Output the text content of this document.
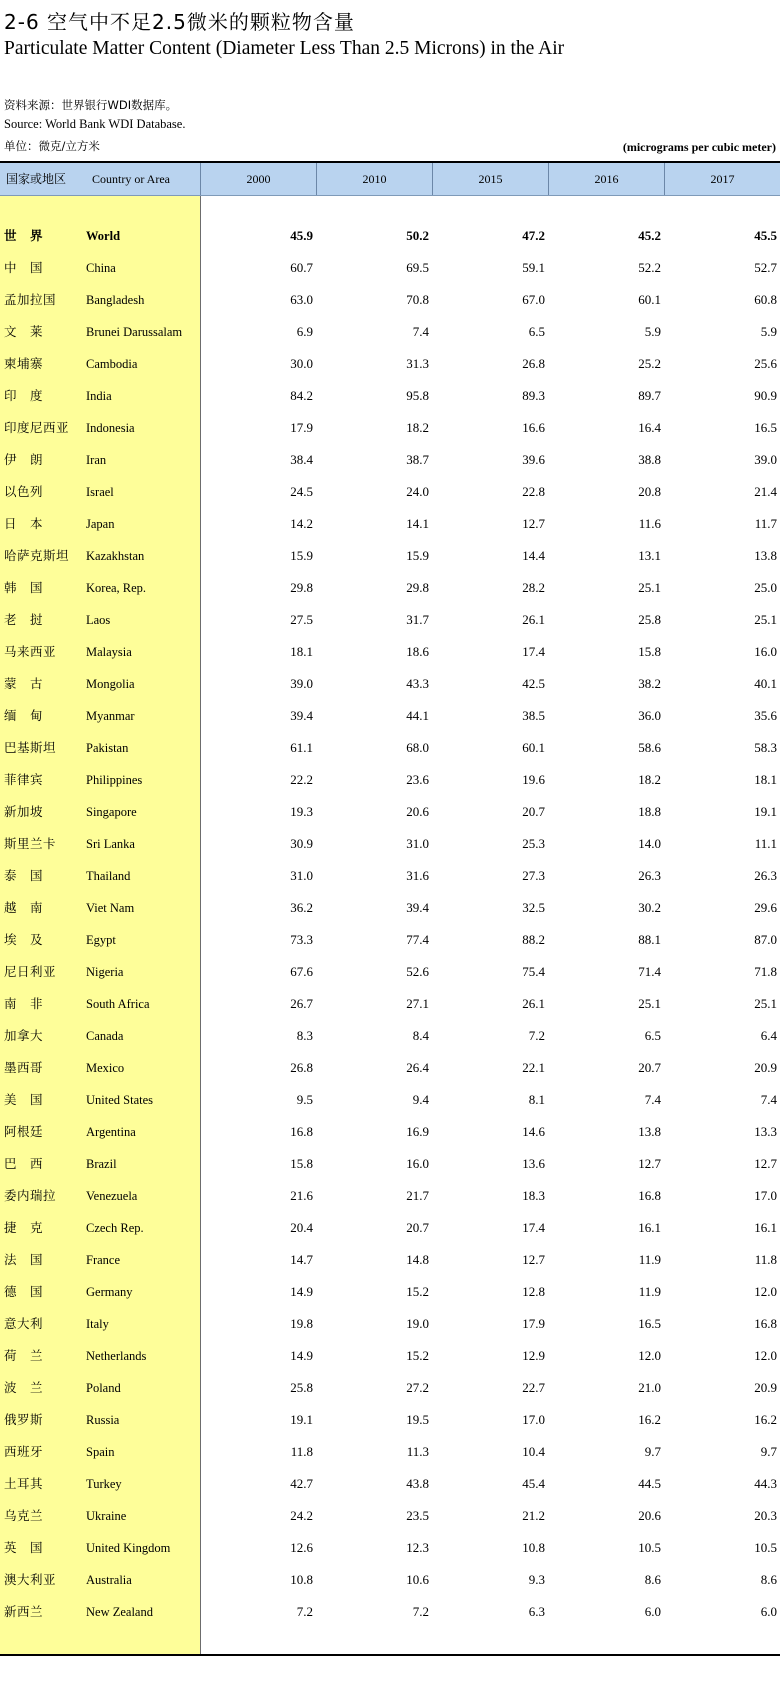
2-6 空气中不足2.5微米的颗粒物含量
Particulate Matter Content (Diameter Less Than 2.5 Microns) in the Air
资料来源：世界银行WDI数据库。
Source: World Bank WDI Database.
单位：微克/立方米	(micrograms per cubic meter)
国家或地区	Country or Area	2000	2010	2015	2016	2017
世　界	World	45.9	50.2	47.2	45.2	45.5
中　国	China	60.7	69.5	59.1	52.2	52.7
孟加拉国 Bangladesh	63.0	70.8	67.0	60.1	60.8
文　莱	Brunei Darussalam	6.9	7.4	6.5	5.9	5.9
柬埔寨	Cambodia	30.0	31.3	26.8	25.2	25.6
印　度	India	84.2	95.8	89.3	89.7	90.9
印度尼西亚 Indonesia	17.9	18.2	16.6	16.4	16.5
伊　朗	Iran	38.4	38.7	39.6	38.8	39.0
以色列	Israel	24.5	24.0	22.8	20.8	21.4
日　本	Japan	14.2	14.1	12.7	11.6	11.7
哈萨克斯坦 Kazakhstan	15.9	15.9	14.4	13.1	13.8
韩　国	Korea, Rep.	29.8	29.8	28.2	25.1	25.0
老　挝	Laos	27.5	31.7	26.1	25.8	25.1
马来西亚 Malaysia	18.1	18.6	17.4	15.8	16.0
蒙　古	Mongolia	39.0	43.3	42.5	38.2	40.1
缅　甸	Myanmar	39.4	44.1	38.5	36.0	35.6
巴基斯坦 Pakistan	61.1	68.0	60.1	58.6	58.3
菲律宾	Philippines	22.2	23.6	19.6	18.2	18.1
新加坡	Singapore	19.3	20.6	20.7	18.8	19.1
斯里兰卡 Sri Lanka	30.9	31.0	25.3	14.0	11.1
泰　国	Thailand	31.0	31.6	27.3	26.3	26.3
越　南	Viet Nam	36.2	39.4	32.5	30.2	29.6
埃　及	Egypt	73.3	77.4	88.2	88.1	87.0
尼日利亚 Nigeria	67.6	52.6	75.4	71.4	71.8
南　非	South Africa	26.7	27.1	26.1	25.1	25.1
加拿大	Canada	8.3	8.4	7.2	6.5	6.4
墨西哥	Mexico	26.8	26.4	22.1	20.7	20.9
美　国	United States	9.5	9.4	8.1	7.4	7.4
阿根廷	Argentina	16.8	16.9	14.6	13.8	13.3
巴　西	Brazil	15.8	16.0	13.6	12.7	12.7
委内瑞拉 Venezuela	21.6	21.7	18.3	16.8	17.0
捷　克	Czech Rep.	20.4	20.7	17.4	16.1	16.1
法　国	France	14.7	14.8	12.7	11.9	11.8
德　国	Germany	14.9	15.2	12.8	11.9	12.0
意大利	Italy	19.8	19.0	17.9	16.5	16.8
荷　兰	Netherlands	14.9	15.2	12.9	12.0	12.0
波　兰	Poland	25.8	27.2	22.7	21.0	20.9
俄罗斯	Russia	19.1	19.5	17.0	16.2	16.2
西班牙	Spain	11.8	11.3	10.4	9.7	9.7
土耳其	Turkey	42.7	43.8	45.4	44.5	44.3
乌克兰	Ukraine	24.2	23.5	21.2	20.6	20.3
英　国	United Kingdom	12.6	12.3	10.8	10.5	10.5
澳大利亚 Australia	10.8	10.6	9.3	8.6	8.6
新西兰	New Zealand	7.2	7.2	6.3	6.0	6.0
